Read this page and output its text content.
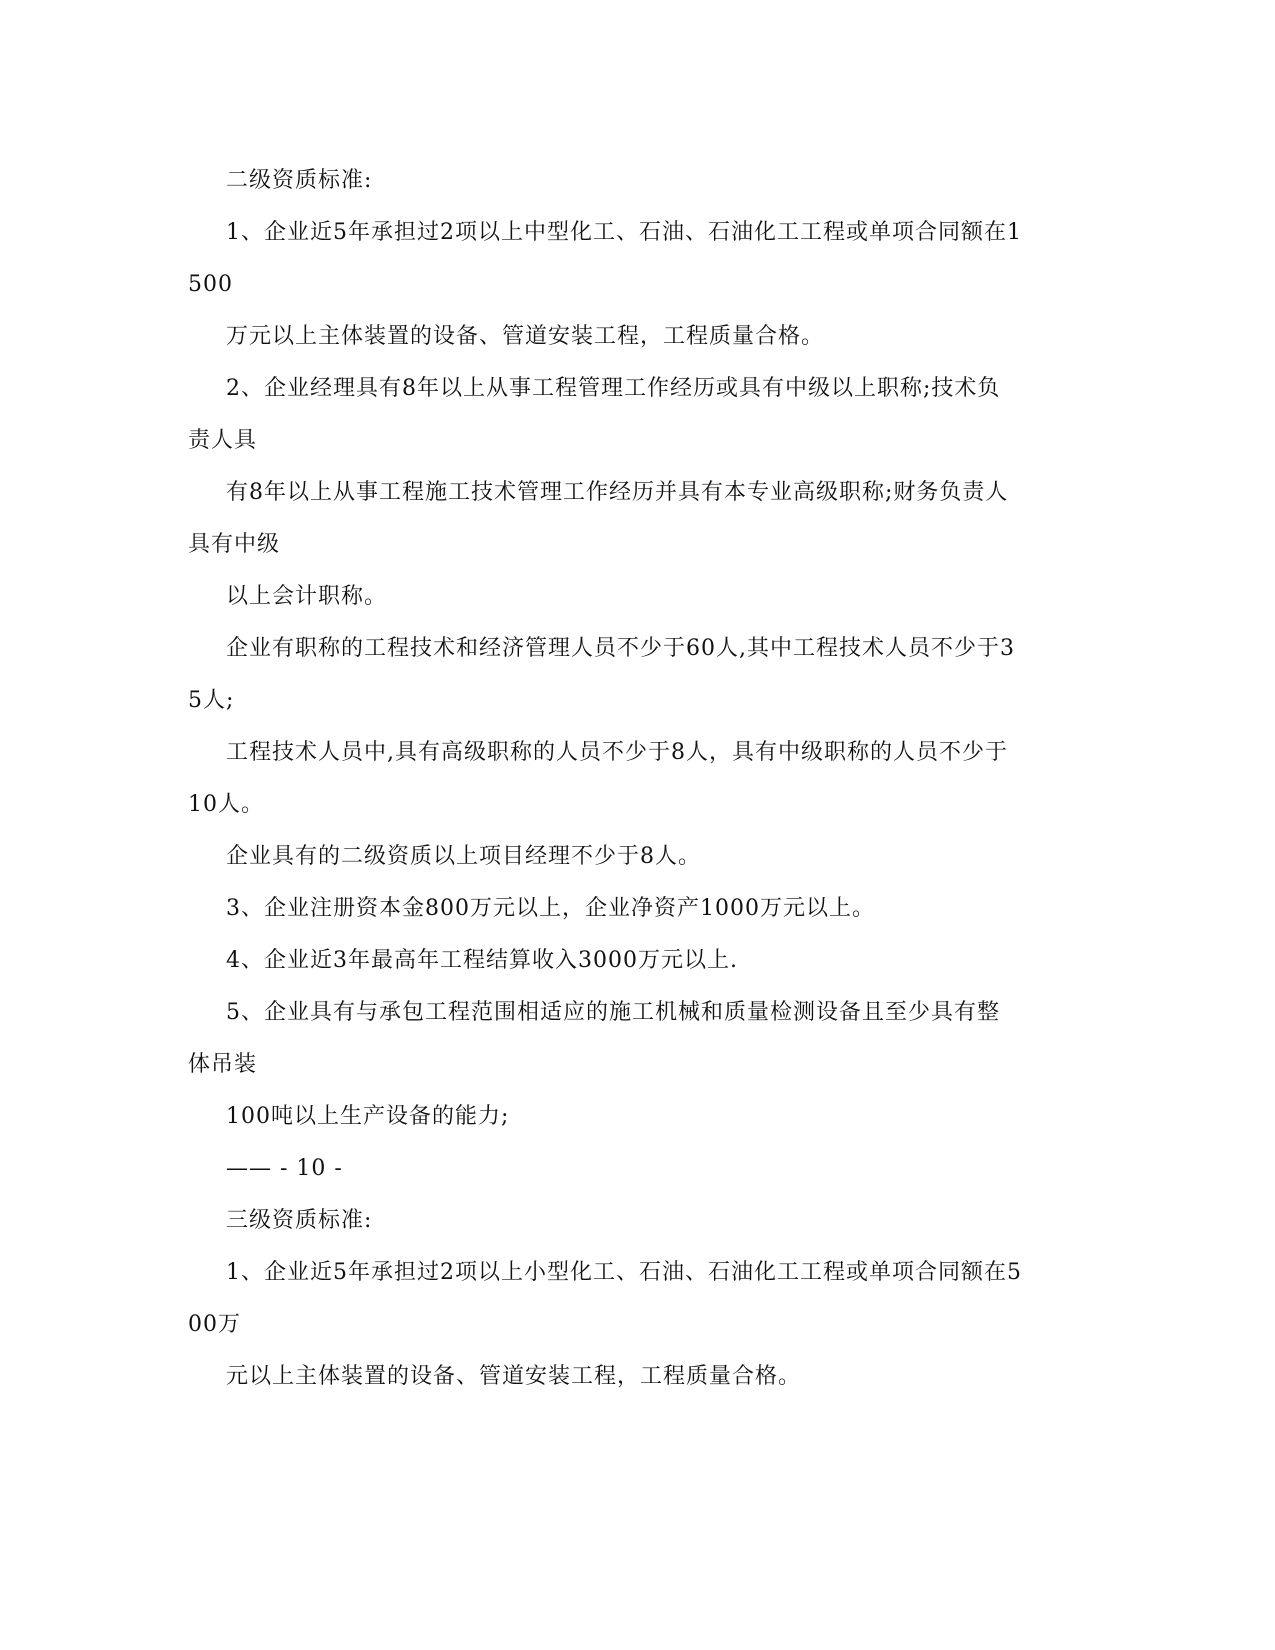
二级资质标准:
1、企业近5年承担过2项以上中型化工、石油、石油化工工程或单项合同额在1
500
万元以上主体装置的设备、管道安装工程，工程质量合格。
2、企业经理具有8年以上从事工程管理工作经历或具有中级以上职称;技术负
责人具
有8年以上从事工程施工技术管理工作经历并具有本专业高级职称;财务负责人
具有中级
以上会计职称。
企业有职称的工程技术和经济管理人员不少于60人,其中工程技术人员不少于3
5人;
工程技术人员中,具有高级职称的人员不少于8人，具有中级职称的人员不少于
10人。
企业具有的二级资质以上项目经理不少于8人。
3、企业注册资本金800万元以上，企业净资产1000万元以上。
4、企业近3年最高年工程结算收入3000万元以上.
5、企业具有与承包工程范围相适应的施工机械和质量检测设备且至少具有整
体吊装
100吨以上生产设备的能力;
—— - 10 -
三级资质标准:
1、企业近5年承担过2项以上小型化工、石油、石油化工工程或单项合同额在5
00万
元以上主体装置的设备、管道安装工程，工程质量合格。
